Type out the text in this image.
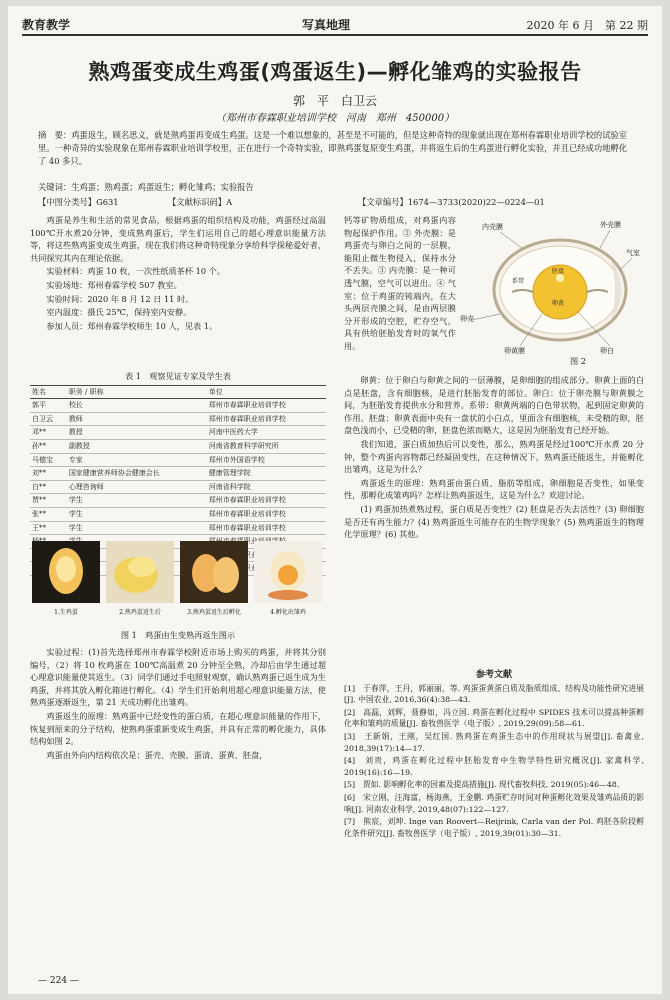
教育教学	写真地理	2020 年 6 月　第 22 期
熟鸡蛋变成生鸡蛋(鸡蛋返生)—孵化雏鸡的实验报告
郭　平　白卫云
（郑州市春霖职业培训学校　河南　郑州　450000）
摘　要：鸡蛋返生，顾名思义，就是熟鸡蛋再变成生鸡蛋。这是一个难以想象的，甚至是不可能的，但是这种奇特的现象就出现在郑州春霖职业培训学校的试验室里。一种奇异的实验现象在郑州春霖职业培训学校里，正在进行一个奇特实验，即熟鸡蛋复原变生鸡蛋，并将返生后的生鸡蛋进行孵化实验，并且已经成功地孵化了 40 多只。
关键词：生鸡蛋；熟鸡蛋；鸡蛋返生；孵化雏鸡；实验报告
【中图分类号】G631	【文献标识码】A	【文章编号】1674—3733(2020)22—0224—01

鸡蛋是养生和生活的常见食品，根据鸡蛋的组织结构及功能，鸡蛋经过高温100℃开水煮20分钟，变成熟鸡蛋后，学生们运用自己的超心理意识能量方法等，将这些熟鸡蛋变成生鸡蛋，现在我们将这种奇特现象分享给科学探秘爱好者，共同探究其内在理论依据。

实验材料：鸡蛋 10 枚，一次性纸质茶杯 10 个。

实验场地：郑州春霖学校 507 教室。

实验时间：2020 年 8 月 12 日 11 时。

室内温度：摄氏 25℃，保持室内安静。

参加人员：郑州春霖学校师生 10 人，见表 1。

表 1　观察见证专家及学生表
姓名	职务 / 职称	单位
郭平	校长	郑州市春霖职业培训学校
白卫云	教师	郑州市春霖职业培训学校
邓**	教授	河南中医药大学
孙**	副教授	河南省教育科学研究所
马德宝	专家	郑州市外国语学校
刘**	国家健康营养师协会健康会长	健康管理学院
白**	心理咨询师	河南省科学院
贾**	学生	郑州市春霖职业培训学校
张**	学生	郑州市春霖职业培训学校
王**	学生	郑州市春霖职业培训学校

1.生鸡蛋	2.熟鸡蛋返生后	3.熟鸡蛋返生后孵化	4.孵化出雏鸡
图 1　鸡蛋由生变熟再返生图示

实验过程：(1)首先选择郑州市春霖学校附近市场上购买的鸡蛋，并将其分别编号，（2）将 10 枚鸡蛋在 100℃高温煮 20 分钟至全熟，冷却后由学生通过超心理意识能量使其返生。（3）同学们通过手电照射观察，确认熟鸡蛋已返生成为生鸡蛋，并将其放入孵化箱进行孵化。（4）学生们开始利用超心理意识能量方法，使熟鸡蛋逐渐返生，第 21 天成功孵化出雏鸡。

鸡蛋返生的原理：熟鸡蛋中已经变性的蛋白质，在超心理意识能量的作用下，恢复到原来的分子结构，使熟鸡蛋重新变成生鸡蛋，并具有正常的孵化能力，具体结构如图 2。

鸡蛋由外向内结构依次是：蛋壳、壳膜、蛋清、蛋黄、胚盘，

钙等矿物质组成，对鸡蛋内容物起保护作用。② 外壳膜：是鸡蛋壳与卵白之间的一层膜，能阻止微生物侵入，保持水分不丢失。③ 内壳膜：是一种可透气膜，空气可以进出。④ 气室：位于鸡蛋的钝端内，在大头两层壳膜之间，是由两层膜分开形成的空腔，贮存空气，具有供给胚胎发育时的氧气作用。

内壳膜	外壳膜
气室
卵壳
卵黄膜
胚盘
系带
卵白
卵黄
图 2

卵黄：位于卵白与卵黄之间的一层薄膜，是卵细胞的组成部分。卵黄上面的白点是胚盘，含有细胞核，是进行胚胎发育的部位。卵白：位于卵壳膜与卵黄膜之间，为胚胎发育提供水分和营养。系带：卵黄两端的白色带状物，起到固定卵黄的作用。胚盘：卵黄表面中央有一盘状的小白点，里面含有细胞核，未受精的卵，胚盘色浅而小，已受精的卵，胚盘色浓而略大，这是因为胚胎发育已经开始。

我们知道，蛋白质加热后可以变性，那么，熟鸡蛋是经过100℃开水煮 20 分钟，整个鸡蛋内容物都已经凝固变性，在这种情况下，熟鸡蛋还能返生，并能孵化出雏鸡，这是为什么？

鸡蛋返生的原理：熟鸡蛋由蛋白质、脂肪等组成，卵细胞是否变性，如果变性，那孵化成雏鸡吗？怎样让熟鸡蛋返生，这是为什么？欢迎讨论。

(1) 鸡蛋加热煮熟过程，蛋白质是否变性？(2) 胚盘是否失去活性？(3) 卵细胞是否还有再生能力？(4) 熟鸡蛋返生可能存在的生物学现象？(5) 熟鸡蛋返生的物理化学原理？(6) 其他。

参考文献
[1]　于春萍，王丹，郭丽丽，等. 鸡蛋蛋黄蛋白质及脂质组成、结构及功能性研究进展[J]. 中国农业, 2016,36(4):38—43.
[2]　高磊，刘辉，聂静如，冯立国. 鸡蛋在孵化过程中 SPIDES 技术可以提高种蛋孵化率和雏鸡的质量[J]. 畜牧兽医学（电子版）, 2019,29(09):58—61.
[3]　王新娟，王刚，吴红国. 熟鸡蛋在鸡蛋生态中的作用现状与展望[J]. 畜禽业, 2018,39(17):14—17.
[4]　刘贵，鸡蛋在孵化过程中胚胎发育中生物学特性研究概况[J]. 家禽科学, 2019(16):16—19.
[5]　贾如. 影响孵化率的因素及提高措施[J]. 现代畜牧科技, 2019(05):46—48.
[6]　宋立刚，汪海富，杨海燕，王金鹏. 鸡蛋贮存时间对种蛋孵化效果及雏鸡品质的影响[J]. 河南农业科学, 2019,48(07):122—127.
[7]　熊宸，刘坤. Inge van Roovert—Reijrink, Carla van der Pol. 鸡胚各阶段孵化条件研究[J]. 畜牧兽医学（电子版）, 2019,39(01):30—31.
— 224 —
